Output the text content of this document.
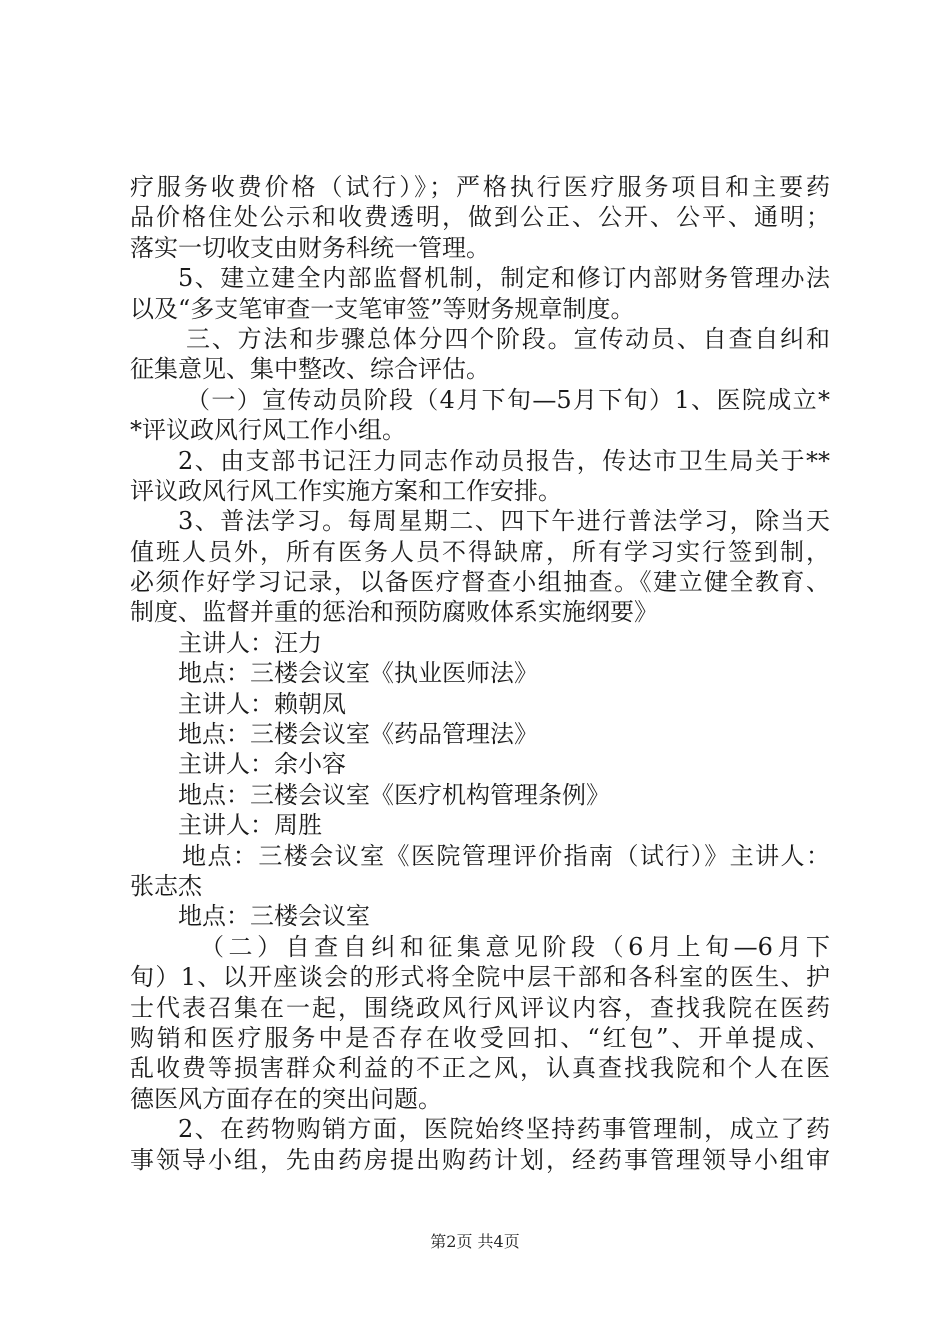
疗服务收费价格（试行）》；严格执行医疗服务项目和主要药
品价格住处公示和收费透明，做到公正、公开、公平、通明；
落实一切收支由财务科统一管理。
5、建立建全内部监督机制，制定和修订内部财务管理办法
以及“多支笔审查一支笔审签”等财务规章制度。
三、方法和步骤总体分四个阶段。宣传动员、自查自纠和
征集意见、集中整改、综合评估。
（一）宣传动员阶段（4月下旬—5月下旬）1、医院成立*
*评议政风行风工作小组。
2、由支部书记汪力同志作动员报告，传达市卫生局关于**
评议政风行风工作实施方案和工作安排。
3、普法学习。每周星期二、四下午进行普法学习，除当天
值班人员外，所有医务人员不得缺席，所有学习实行签到制，
必须作好学习记录，以备医疗督查小组抽查。《建立健全教育、
制度、监督并重的惩治和预防腐败体系实施纲要》
主讲人：汪力
地点：三楼会议室《执业医师法》
主讲人：赖朝凤
地点：三楼会议室《药品管理法》
主讲人：余小容
地点：三楼会议室《医疗机构管理条例》
主讲人：周胜
地点：三楼会议室《医院管理评价指南（试行）》主讲人：
张志杰
地点：三楼会议室
（二）自查自纠和征集意见阶段（6月上旬—6月下
旬）1、以开座谈会的形式将全院中层干部和各科室的医生、护
士代表召集在一起，围绕政风行风评议内容，查找我院在医药
购销和医疗服务中是否存在收受回扣、“红包”、开单提成、
乱收费等损害群众利益的不正之风，认真查找我院和个人在医
德医风方面存在的突出问题。
2、在药物购销方面，医院始终坚持药事管理制，成立了药
事领导小组，先由药房提出购药计划，经药事管理领导小组审
第2页 共4页
